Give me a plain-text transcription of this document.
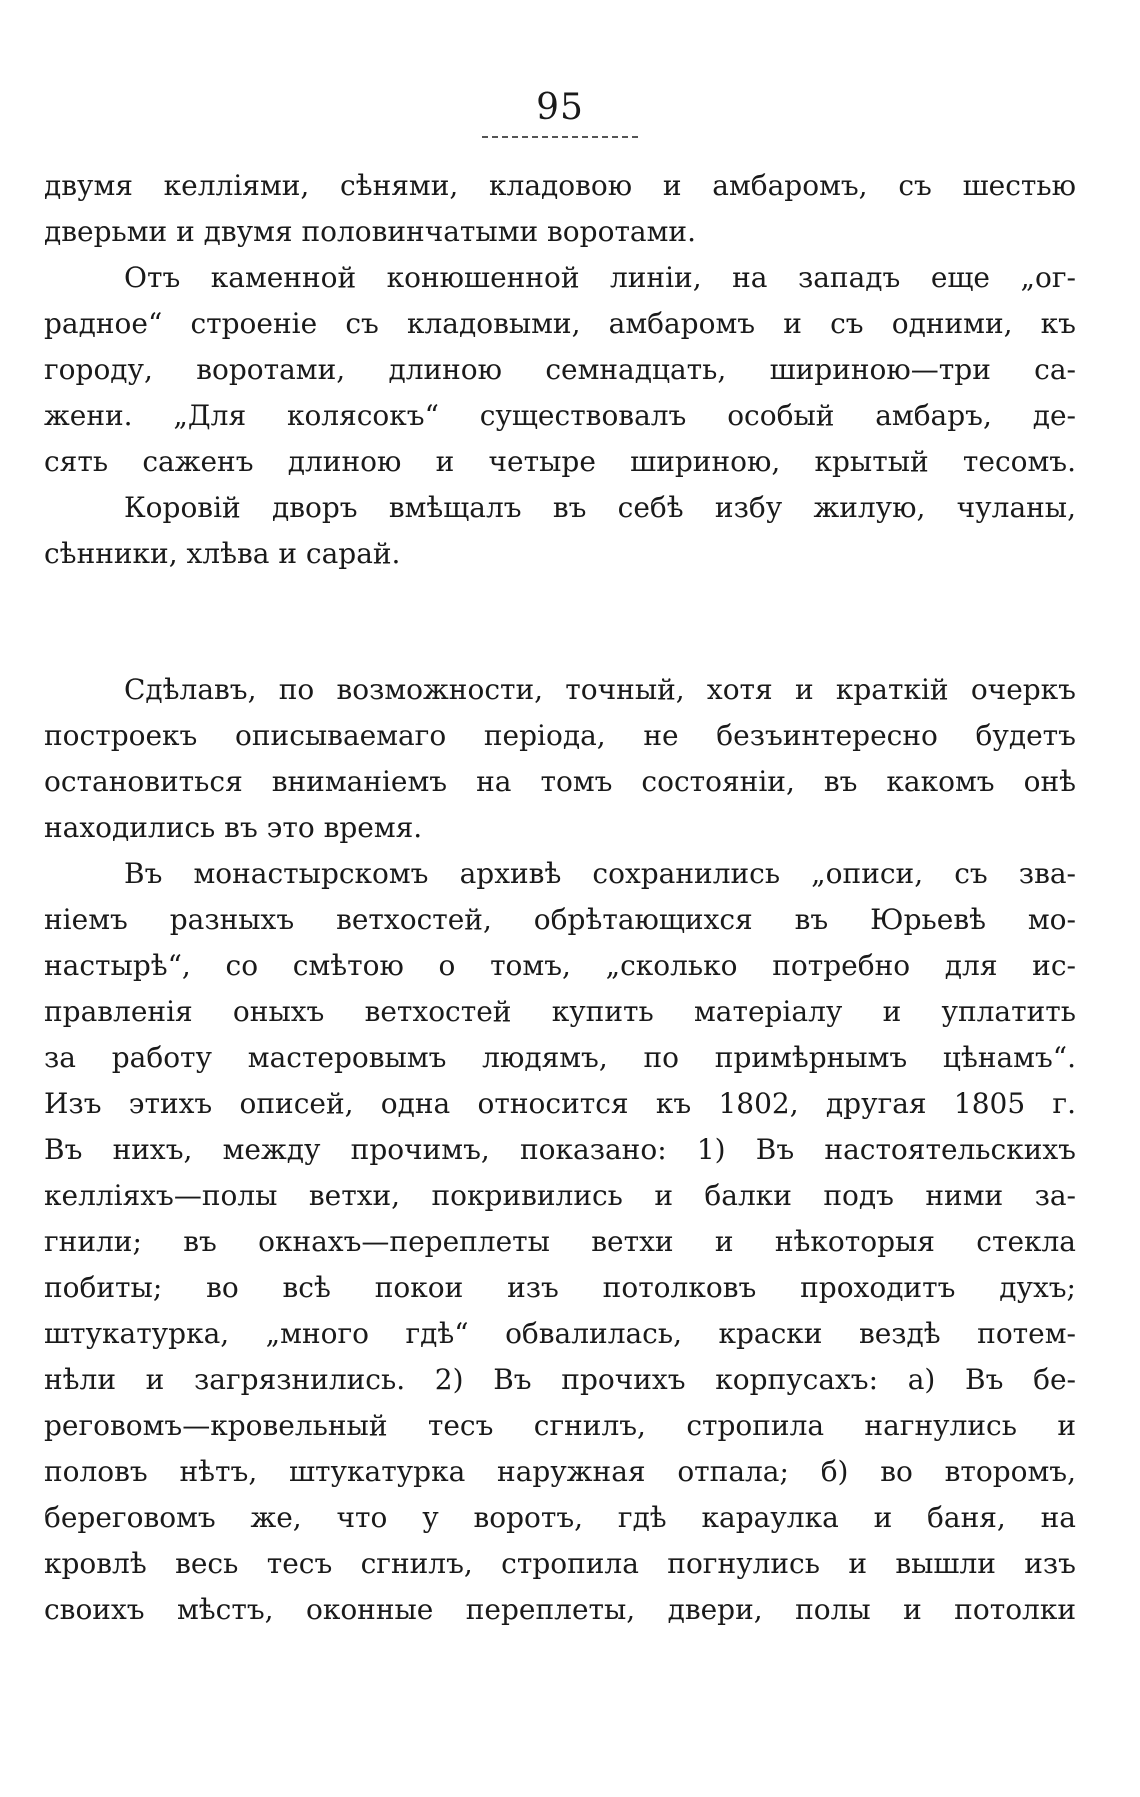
95
двумя келлiями, сѣнями, кладовою и амбаромъ, съ шестью
дверьми и двумя половинчатыми воротами.
Отъ каменной конюшенной линiи, на западъ еще „ог-
радное“ строенiе съ кладовыми, амбаромъ и съ одними, къ
городу, воротами, длиною семнадцать, шириною—три са-
жени. „Для колясокъ“ существовалъ особый амбаръ, де-
сять саженъ длиною и четыре шириною, крытый тесомъ.
Коровiй дворъ вмѣщалъ въ себѣ избу жилую, чуланы,
сѣнники, хлѣва и сарай.
Сдѣлавъ, по возможности, точный, хотя и краткiй очеркъ
построекъ описываемаго перiода, не безъинтересно будетъ
остановиться вниманiемъ на томъ состоянiи, въ какомъ онѣ
находились въ это время.
Въ монастырскомъ архивѣ сохранились „описи, съ зва-
нiемъ разныхъ ветхостей, обрѣтающихся въ Юрьевѣ мо-
настырѣ“, со смѣтою о томъ, „сколько потребно для ис-
правленiя оныхъ ветхостей купить матерiалу и уплатить
за работу мастеровымъ людямъ, по примѣрнымъ цѣнамъ“.
Изъ этихъ описей, одна относится къ 1802, другая 1805 г.
Въ нихъ, между прочимъ, показано: 1) Въ настоятельскихъ
келлiяхъ—полы ветхи, покривились и балки подъ ними за-
гнили; въ окнахъ—переплеты ветхи и нѣкоторыя стекла
побиты; во всѣ покои изъ потолковъ проходитъ духъ;
штукатурка, „много гдѣ“ обвалилась, краски вездѣ потем-
нѣли и загрязнились. 2) Въ прочихъ корпусахъ: а) Въ бе-
реговомъ—кровельный тесъ сгнилъ, стропила нагнулись и
половъ нѣтъ, штукатурка наружная отпала; б) во второмъ,
береговомъ же, что у воротъ, гдѣ караулка и баня, на
кровлѣ весь тесъ сгнилъ, стропила погнулись и вышли изъ
своихъ мѣстъ, оконные переплеты, двери, полы и потолки
